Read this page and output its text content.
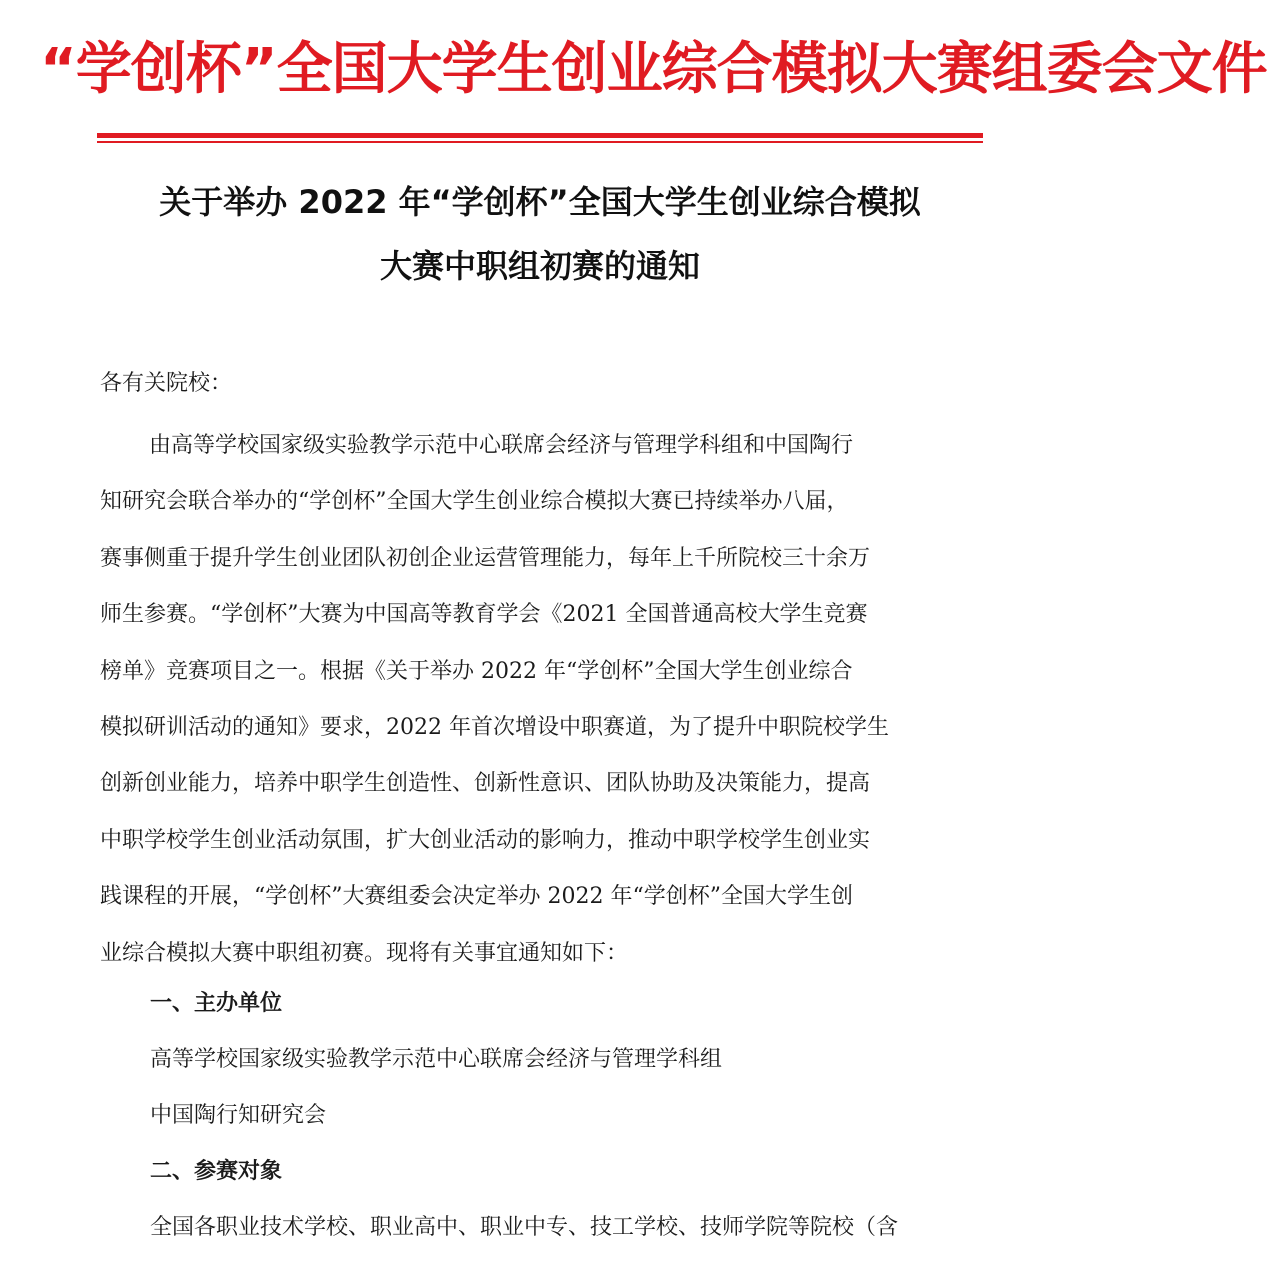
“学创杯”全国大学生创业综合模拟大赛组委会文件
关于举办 2022 年“学创杯”全国大学生创业综合模拟
大赛中职组初赛的通知
各有关院校：
由高等学校国家级实验教学示范中心联席会经济与管理学科组和中国陶行
知研究会联合举办的“学创杯”全国大学生创业综合模拟大赛已持续举办八届，
赛事侧重于提升学生创业团队初创企业运营管理能力，每年上千所院校三十余万
师生参赛。“学创杯”大赛为中国高等教育学会《2021 全国普通高校大学生竞赛
榜单》竞赛项目之一。根据《关于举办 2022 年“学创杯”全国大学生创业综合
模拟研训活动的通知》要求，2022 年首次增设中职赛道，为了提升中职院校学生
创新创业能力，培养中职学生创造性、创新性意识、团队协助及决策能力，提高
中职学校学生创业活动氛围，扩大创业活动的影响力，推动中职学校学生创业实
践课程的开展，“学创杯”大赛组委会决定举办 2022 年“学创杯”全国大学生创
业综合模拟大赛中职组初赛。现将有关事宜通知如下：
一、主办单位
高等学校国家级实验教学示范中心联席会经济与管理学科组
中国陶行知研究会
二、参赛对象
全国各职业技术学校、职业高中、职业中专、技工学校、技师学院等院校（含
